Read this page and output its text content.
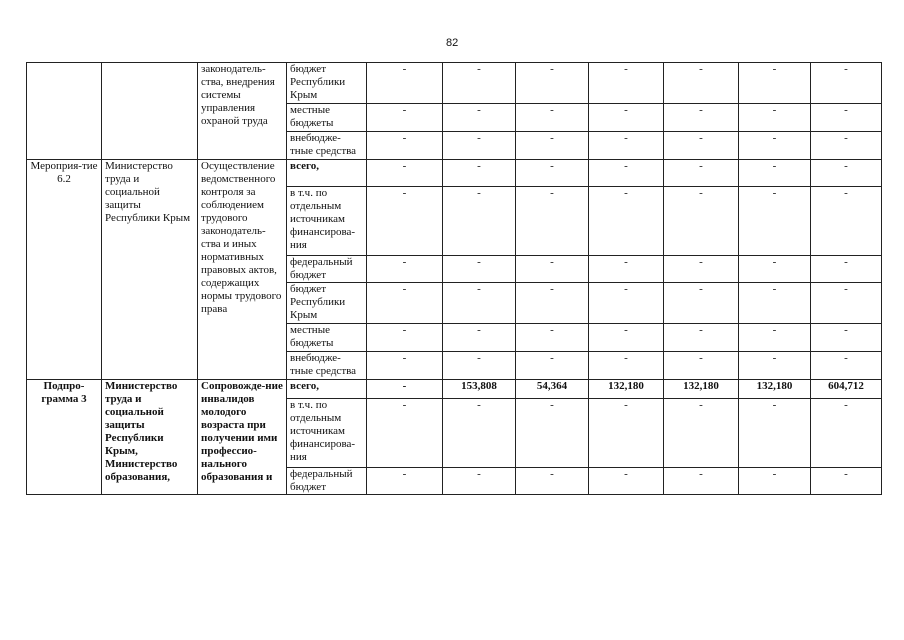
82
		законодатель-ства, внедрения системы управления охраной труда	бюджет Республики Крым	-	-	-	-	-	-	-
			местные бюджеты	-	-	-	-	-	-	-
			внебюдже-тные средства	-	-	-	-	-	-	-
Мероприя-тие 6.2	Министерство труда и социальной защиты Республики Крым	Осуществление ведомственного контроля за соблюдением трудового законодатель-ства и иных нормативных правовых актов, содержащих нормы трудового права	всего,	-	-	-	-	-	-	-
			в т.ч. по отдельным источникам финансирова-ния	-	-	-	-	-	-	-
			федеральный бюджет	-	-	-	-	-	-	-
			бюджет Республики Крым	-	-	-	-	-	-	-
			местные бюджеты	-	-	-	-	-	-	-
			внебюдже-тные средства	-	-	-	-	-	-	-
Подпро-грамма 3	Министерство труда и социальной защиты Республики Крым, Министерство образования,	Сопровожде-ние инвалидов молодого возраста при получении ими профессио-нального образования и	всего,	-	153,808	54,364	132,180	132,180	132,180	604,712
			в т.ч. по отдельным источникам финансирова-ния	-	-	-	-	-	-	-
			федеральный бюджет	-	-	-	-	-	-	-
